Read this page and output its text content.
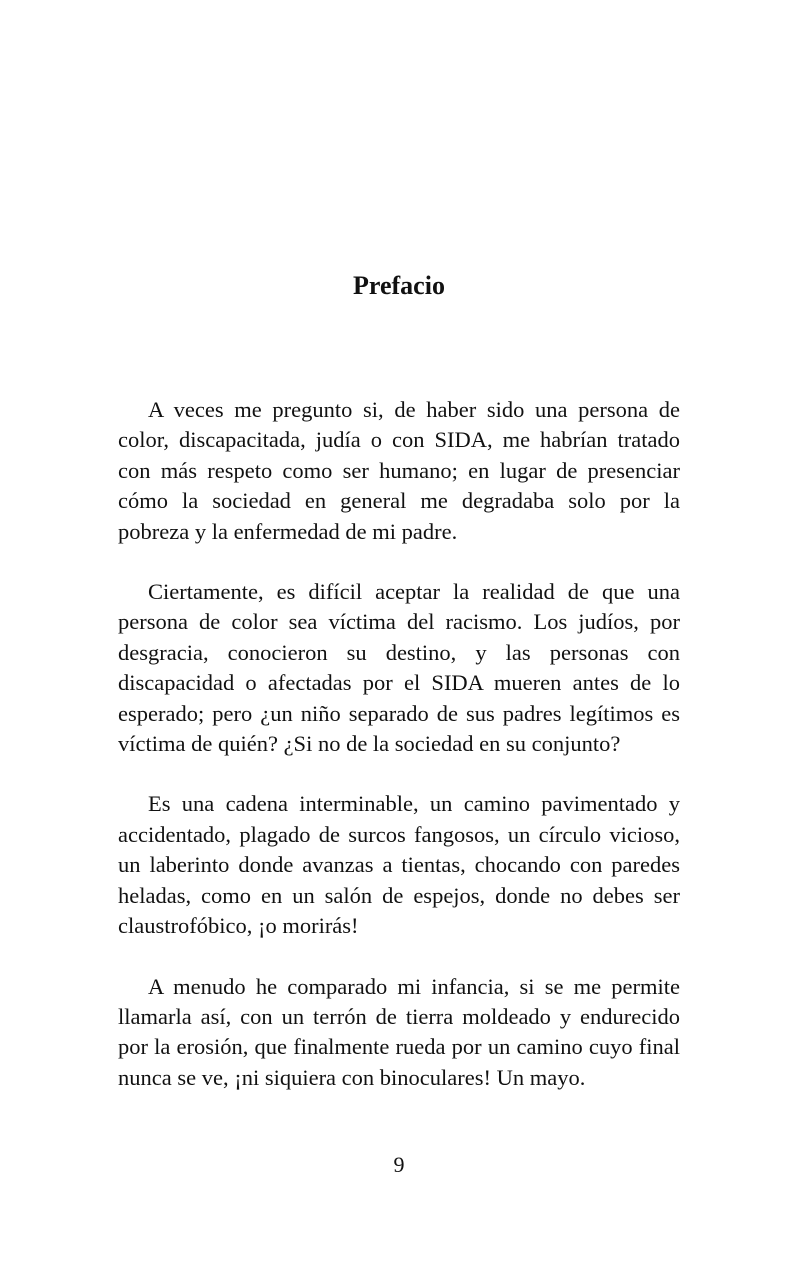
Prefacio

A veces me pregunto si, de haber sido una persona de color, discapacitada, judía o con SIDA, me habrían tratado con más respeto como ser humano; en lugar de presenciar cómo la sociedad en general me degradaba solo por la pobreza y la enfermedad de mi padre.

Ciertamente, es difícil aceptar la realidad de que una persona de color sea víctima del racismo. Los judíos, por desgracia, conocieron su destino, y las personas con discapacidad o afectadas por el SIDA mueren antes de lo esperado; pero ¿un niño separado de sus padres legítimos es víctima de quién? ¿Si no de la sociedad en su conjunto?

Es una cadena interminable, un camino pavimentado y accidentado, plagado de surcos fangosos, un círculo vicioso, un laberinto donde avanzas a tientas, chocando con paredes heladas, como en un salón de espejos, donde no debes ser claustrofóbico, ¡o morirás!

A menudo he comparado mi infancia, si se me permite llamarla así, con un terrón de tierra moldeado y endurecido por la erosión, que finalmente rueda por un camino cuyo final nunca se ve, ¡ni siquiera con binoculares! Un mayo.

9
